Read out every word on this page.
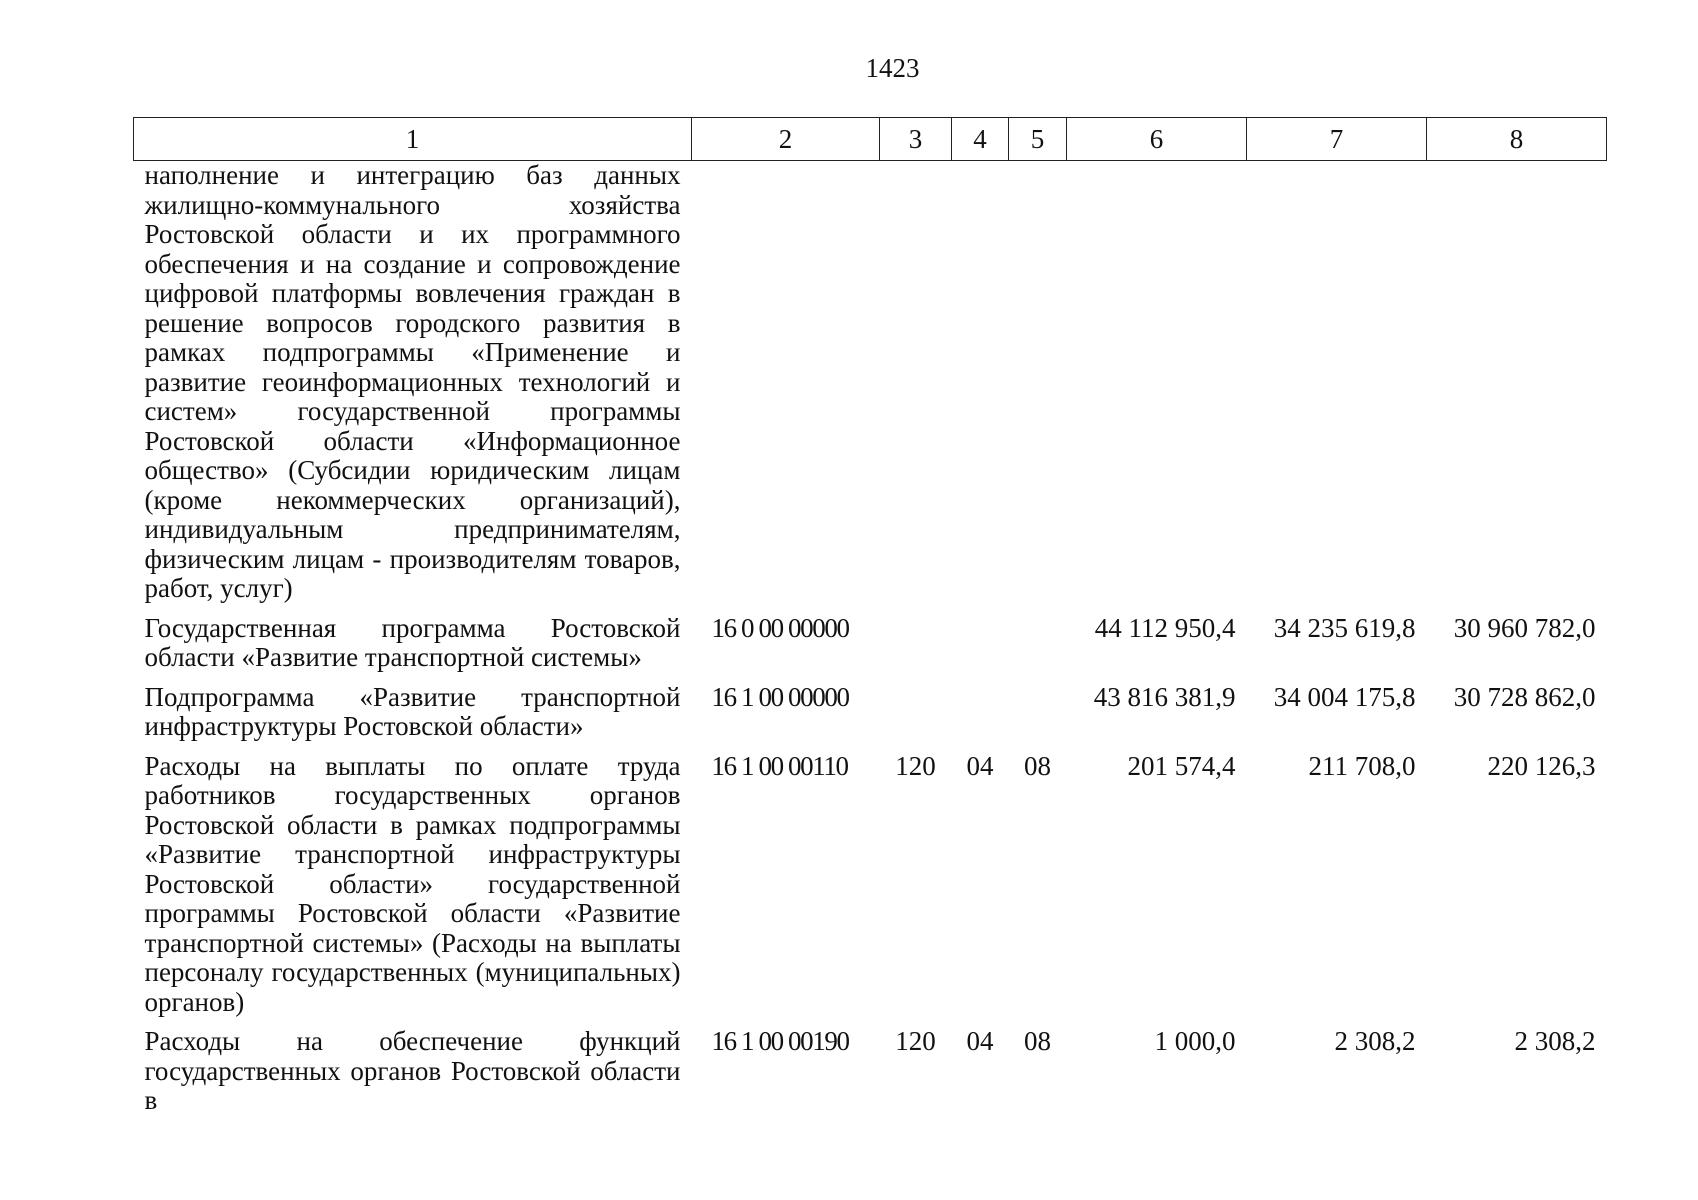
1423
1	2	3	4	5	6	7	8
наполнение и интеграцию баз данных жилищно-коммунального хозяйства Ростовской области и их программного обеспечения и на создание и сопровождение цифровой платформы вовлечения граждан в решение вопросов городского развития в рамках подпрограммы «Применение и развитие геоинформационных технологий и систем» государственной программы Ростовской области «Информационное общество» (Субсидии юридическим лицам (кроме некоммерческих организаций), индивидуальным предпринимателям, физическим лицам - производителям товаров, работ, услуг)							
Государственная программа Ростовской области «Развитие транспортной системы»	16 0 00 00000				44 112 950,4	34 235 619,8	30 960 782,0
Подпрограмма «Развитие транспортной инфраструктуры Ростовской области»	16 1 00 00000				43 816 381,9	34 004 175,8	30 728 862,0
Расходы на выплаты по оплате труда работников государственных органов Ростовской области в рамках подпрограммы «Развитие транспортной инфраструктуры Ростовской области» государственной программы Ростовской области «Развитие транспортной системы» (Расходы на выплаты персоналу государственных (муниципальных) органов)	16 1 00 00110	120	04	08	201 574,4	211 708,0	220 126,3
Расходы на обеспечение функций государственных органов Ростовской области в	16 1 00 00190	120	04	08	1 000,0	2 308,2	2 308,2
